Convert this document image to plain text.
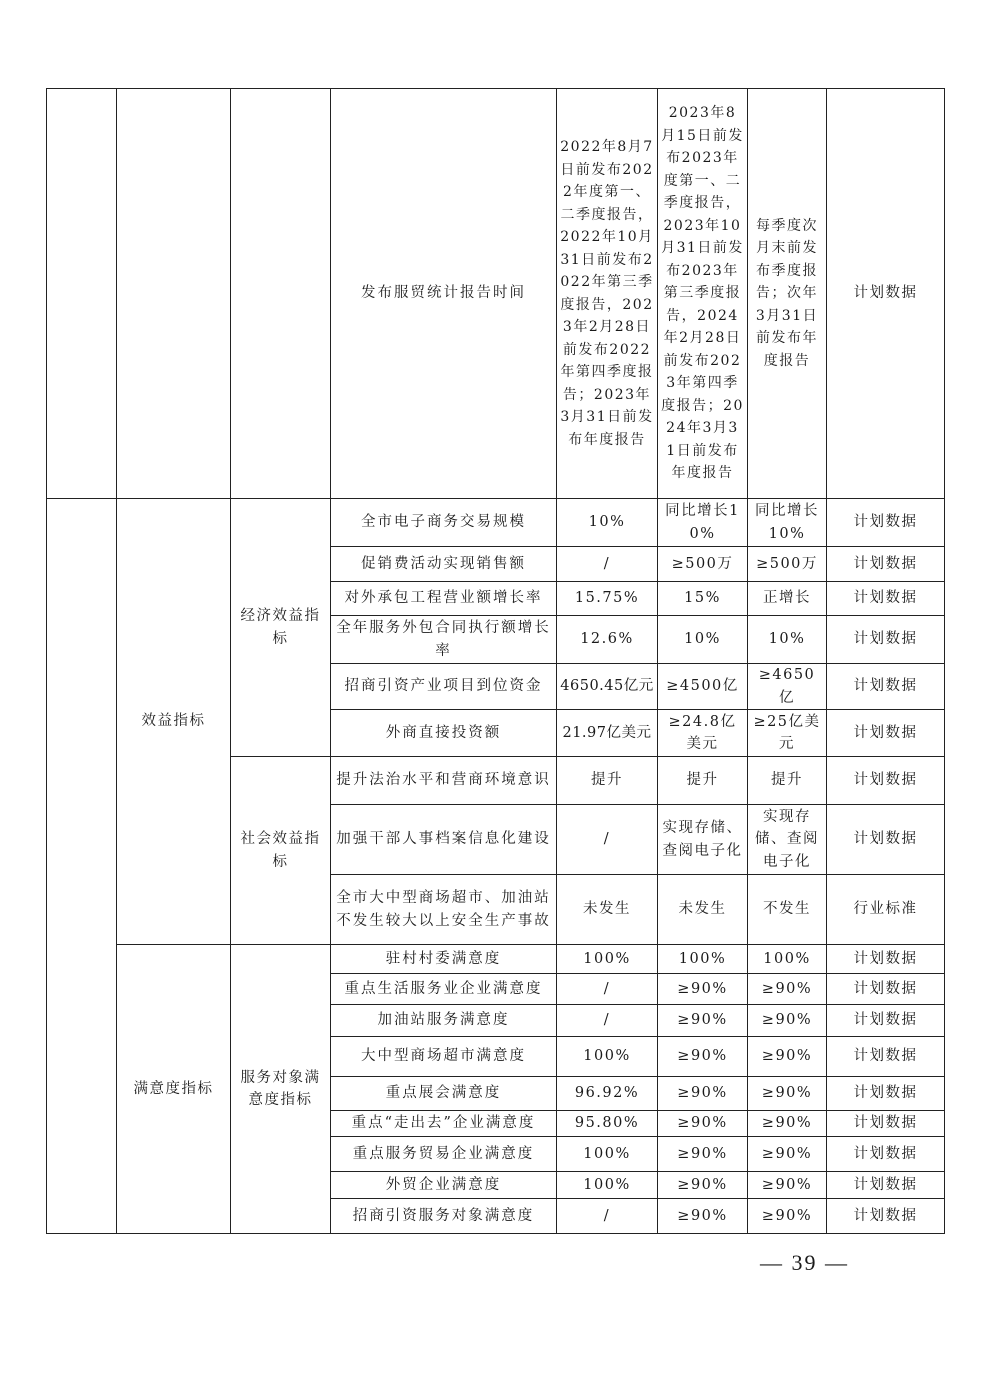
			发布服贸统计报告时间	2022年8月7日前发布2022年度第一、二季度报告，2022年10月31日前发布2022年第三季度报告，2023年2月28日前发布2022年第四季度报告；2023年3月31日前发布年度报告	2023年8月15日前发布2023年度第一、二季度报告，2023年10月31日前发布2023年第三季度报告，2024年2月28日前发布2023年第四季度报告；2024年3月31日前发布年度报告	每季度次月末前发布季度报告；次年3月31日前发布年度报告	计划数据
	效益指标	经济效益指标	全市电子商务交易规模	10%	同比增长10%	同比增长10%	计划数据
			促销费活动实现销售额	/	≥500万	≥500万	计划数据
			对外承包工程营业额增长率	15.75%	15%	正增长	计划数据
			全年服务外包合同执行额增长率	12.6%	10%	10%	计划数据
			招商引资产业项目到位资金	4650.45亿元	≥4500亿	≥4650亿	计划数据
			外商直接投资额	21.97亿美元	≥24.8亿美元	≥25亿美元	计划数据
		社会效益指标	提升法治水平和营商环境意识	提升	提升	提升	计划数据
			加强干部人事档案信息化建设	/	实现存储、查阅电子化	实现存储、查阅电子化	计划数据
			全市大中型商场超市、加油站不发生较大以上安全生产事故	未发生	未发生	不发生	行业标准
	满意度指标	服务对象满意度指标	驻村村委满意度	100%	100%	100%	计划数据
			重点生活服务业企业满意度	/	≥90%	≥90%	计划数据
			加油站服务满意度	/	≥90%	≥90%	计划数据
			大中型商场超市满意度	100%	≥90%	≥90%	计划数据
			重点展会满意度	96.92%	≥90%	≥90%	计划数据
			重点“走出去”企业满意度	95.80%	≥90%	≥90%	计划数据
			重点服务贸易企业满意度	100%	≥90%	≥90%	计划数据
			外贸企业满意度	100%	≥90%	≥90%	计划数据
			招商引资服务对象满意度	/	≥90%	≥90%	计划数据
— 39 —
